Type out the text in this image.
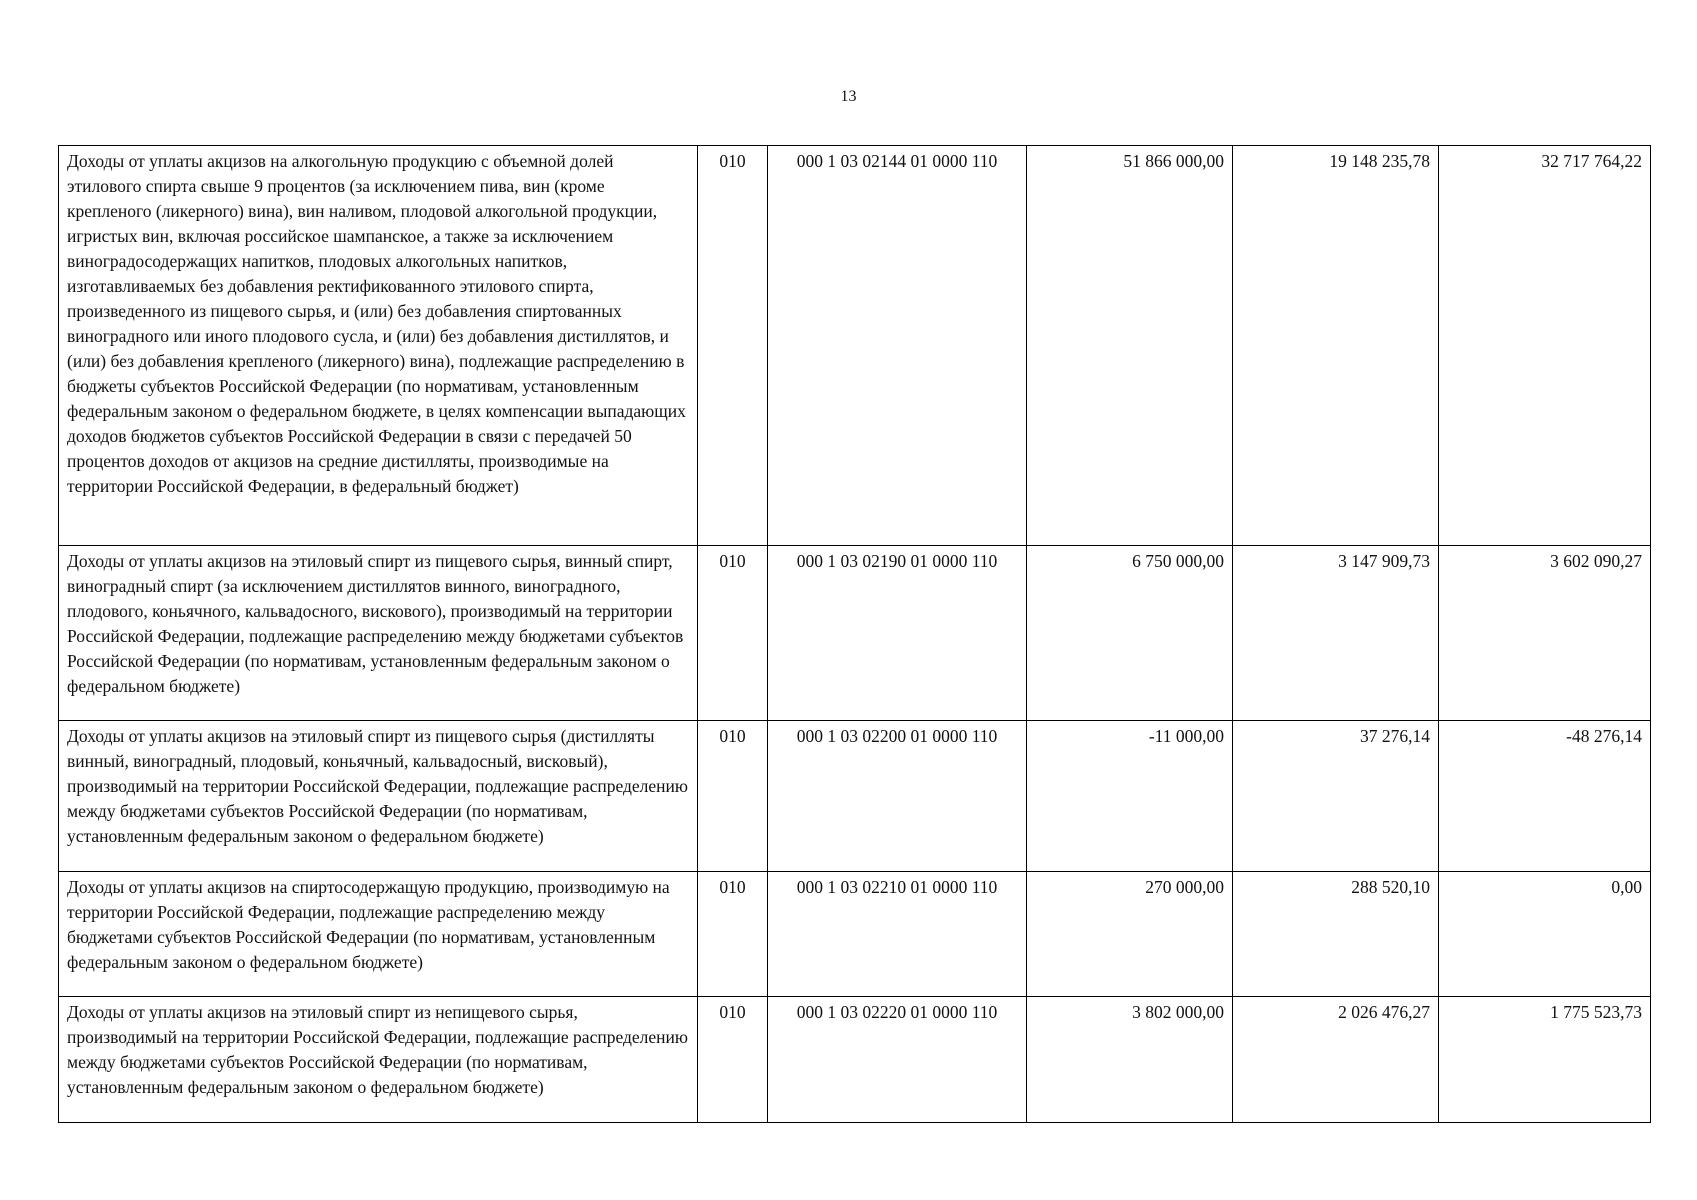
13
Доходы от уплаты акцизов на алкогольную продукцию с объемной долей этилового спирта свыше 9 процентов (за исключением пива, вин (кроме крепленого (ликерного) вина), вин наливом, плодовой алкогольной продукции, игристых вин, включая российское шампанское, а также за исключением виноградосодержащих напитков, плодовых алкогольных напитков, изготавливаемых без добавления ректификованного этилового спирта, произведенного из пищевого сырья, и (или) без добавления спиртованных виноградного или иного плодового сусла, и (или) без добавления дистиллятов, и (или) без добавления крепленого (ликерного) вина), подлежащие распределению в бюджеты субъектов Российской Федерации (по нормативам, установленным федеральным законом о федеральном бюджете, в целях компенсации выпадающих доходов бюджетов субъектов Российской Федерации в связи с передачей 50 процентов доходов от акцизов на средние дистилляты, производимые на территории Российской Федерации, в федеральный бюджет)	010	000 1 03 02144 01 0000 110	51 866 000,00	19 148 235,78	32 717 764,22
Доходы от уплаты акцизов на этиловый спирт из пищевого сырья, винный спирт, виноградный спирт (за исключением дистиллятов винного, виноградного, плодового, коньячного, кальвадосного, вискового), производимый на территории Российской Федерации, подлежащие распределению между бюджетами субъектов Российской Федерации (по нормативам, установленным федеральным законом о федеральном бюджете)	010	000 1 03 02190 01 0000 110	6 750 000,00	3 147 909,73	3 602 090,27
Доходы от уплаты акцизов на этиловый спирт из пищевого сырья (дистилляты винный, виноградный, плодовый, коньячный, кальвадосный, висковый), производимый на территории Российской Федерации, подлежащие распределению между бюджетами субъектов Российской Федерации (по нормативам, установленным федеральным законом о федеральном бюджете)	010	000 1 03 02200 01 0000 110	-11 000,00	37 276,14	-48 276,14
Доходы от уплаты акцизов на спиртосодержащую продукцию, производимую на территории Российской Федерации, подлежащие распределению между бюджетами субъектов Российской Федерации (по нормативам, установленным федеральным законом о федеральном бюджете)	010	000 1 03 02210 01 0000 110	270 000,00	288 520,10	0,00
Доходы от уплаты акцизов на этиловый спирт из непищевого сырья, производимый на территории Российской Федерации, подлежащие распределению между бюджетами субъектов Российской Федерации (по нормативам, установленным федеральным законом о федеральном бюджете)	010	000 1 03 02220 01 0000 110	3 802 000,00	2 026 476,27	1 775 523,73
